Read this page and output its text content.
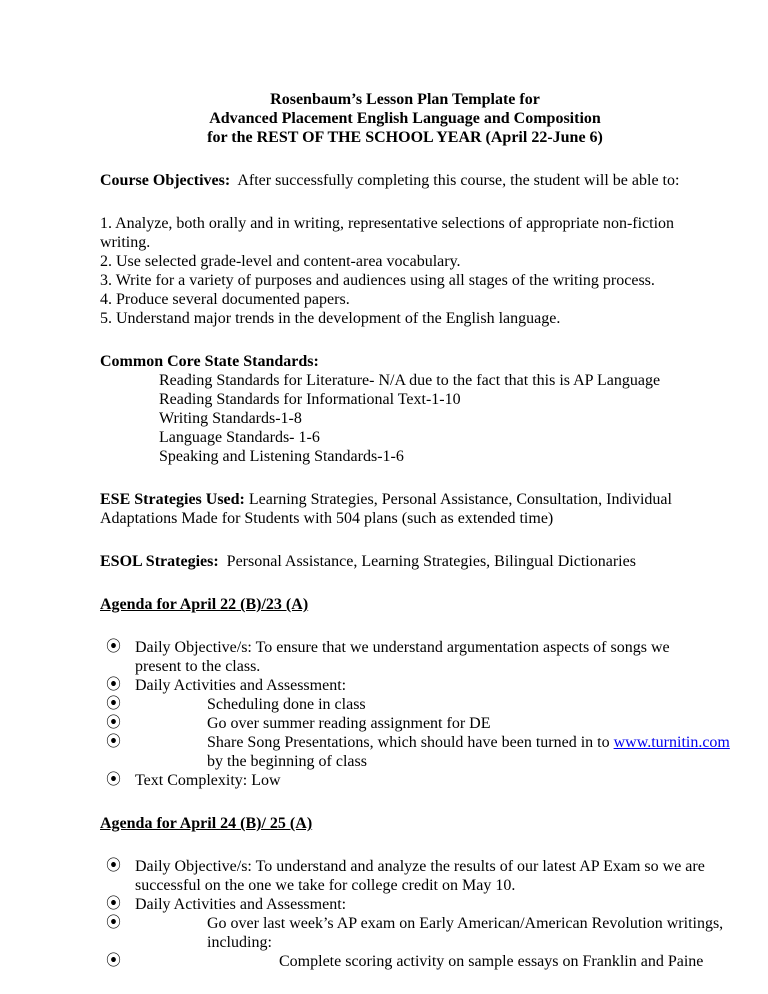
Rosenbaum’s Lesson Plan Template for

Advanced Placement English Language and Composition

for the REST OF THE SCHOOL YEAR (April 22-June 6)

Course Objectives: After successfully completing this course, the student will be able to:

1. Analyze, both orally and in writing, representative selections of appropriate non-fiction writing.

2. Use selected grade-level and content-area vocabulary.

3. Write for a variety of purposes and audiences using all stages of the writing process.

4. Produce several documented papers.

5. Understand major trends in the development of the English language.

Common Core State Standards:

Reading Standards for Literature- N/A due to the fact that this is AP Language

Reading Standards for Informational Text-1-10

Writing Standards-1-8

Language Standards- 1-6

Speaking and Listening Standards-1-6

ESE Strategies Used: Learning Strategies, Personal Assistance, Consultation, Individual Adaptations Made for Students with 504 plans (such as extended time)

ESOL Strategies: Personal Assistance, Learning Strategies, Bilingual Dictionaries

Agenda for April 22 (B)/23 (A)

⦿ Daily Objective/s: To ensure that we understand argumentation aspects of songs we present to the class.
⦿ Daily Activities and Assessment:
⦿	Scheduling done in class
⦿	Go over summer reading assignment for DE
⦿	Share Song Presentations, which should have been turned in to www.turnitin.com
by the beginning of class
⦿ Text Complexity: Low

Agenda for April 24 (B)/ 25 (A)

⦿ Daily Objective/s: To understand and analyze the results of our latest AP Exam so we are successful on the one we take for college credit on May 10.
⦿ Daily Activities and Assessment:
⦿	Go over last week’s AP exam on Early American/American Revolution writings,
including:
⦿	Complete scoring activity on sample essays on Franklin and Paine
